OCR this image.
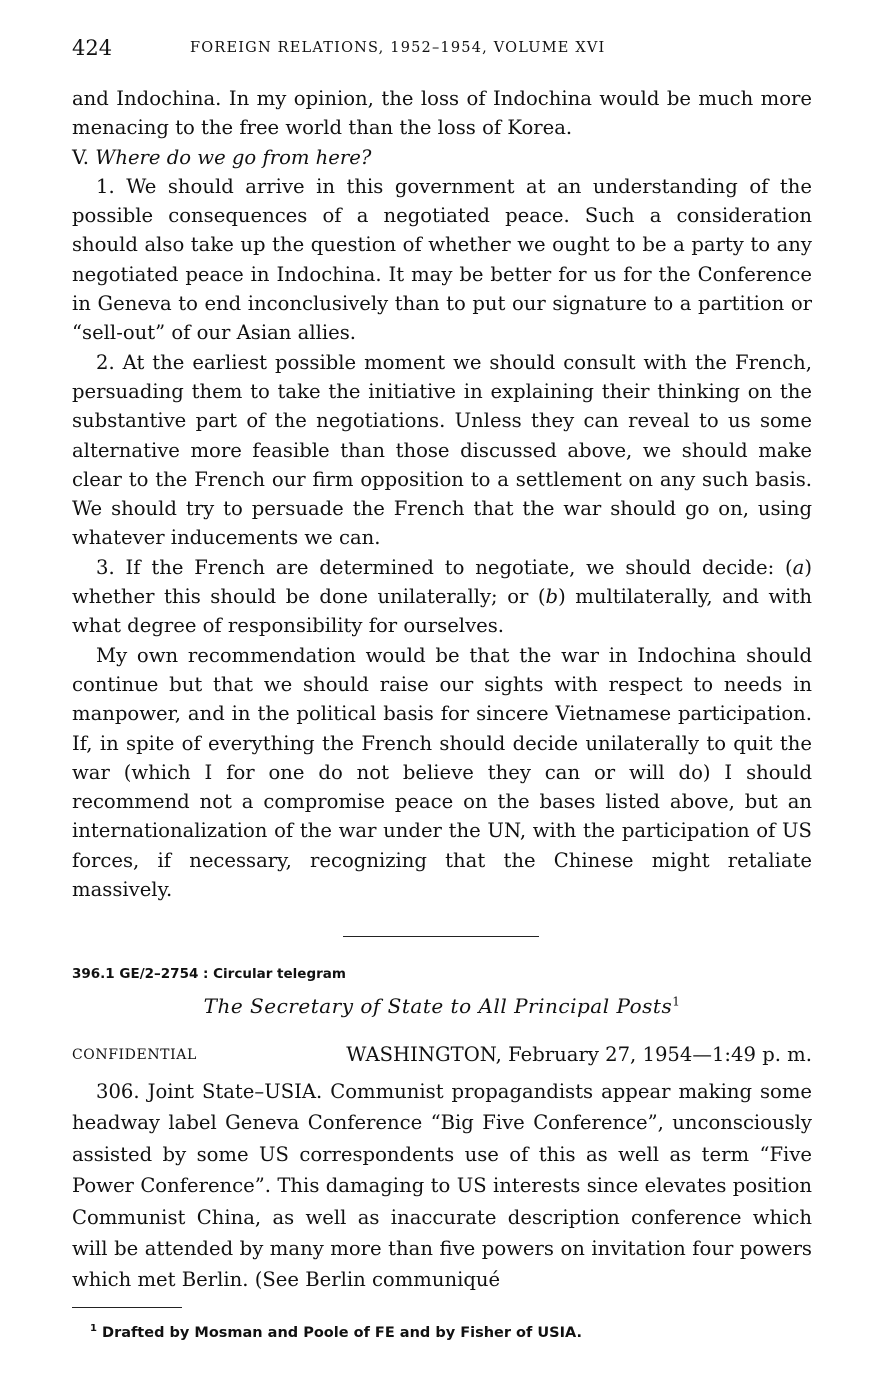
424	FOREIGN RELATIONS, 1952–1954, VOLUME XVI

and Indochina. In my opinion, the loss of Indochina would be much more menacing to the free world than the loss of Korea.

V. Where do we go from here?

1. We should arrive in this government at an understanding of the possible consequences of a negotiated peace. Such a consideration should also take up the question of whether we ought to be a party to any negotiated peace in Indochina. It may be better for us for the Conference in Geneva to end inconclusively than to put our signature to a partition or “sell-out” of our Asian allies.

2. At the earliest possible moment we should consult with the French, persuading them to take the initiative in explaining their thinking on the substantive part of the negotiations. Unless they can reveal to us some alternative more feasible than those discussed above, we should make clear to the French our firm opposition to a settlement on any such basis. We should try to persuade the French that the war should go on, using whatever inducements we can.

3. If the French are determined to negotiate, we should decide: (a) whether this should be done unilaterally; or (b) multilaterally, and with what degree of responsibility for ourselves.

My own recommendation would be that the war in Indochina should continue but that we should raise our sights with respect to needs in manpower, and in the political basis for sincere Vietnamese participation. If, in spite of everything the French should decide unilaterally to quit the war (which I for one do not believe they can or will do) I should recommend not a compromise peace on the bases listed above, but an internationalization of the war under the UN, with the participation of US forces, if necessary, recognizing that the Chinese might retaliate massively.

396.1 GE/2–2754 : Circular telegram
The Secretary of State to All Principal Posts$^1$
CONFIDENTIAL	WASHINGTON, February 27, 1954—1:49 p. m.

306. Joint State–USIA. Communist propagandists appear making some headway label Geneva Conference “Big Five Conference”, unconsciously assisted by some US correspondents use of this as well as term “Five Power Conference”. This damaging to US interests since elevates position Communist China, as well as inaccurate description conference which will be attended by many more than five powers on invitation four powers which met Berlin. (See Berlin communiqué

$^1$ Drafted by Mosman and Poole of FE and by Fisher of USIA.
